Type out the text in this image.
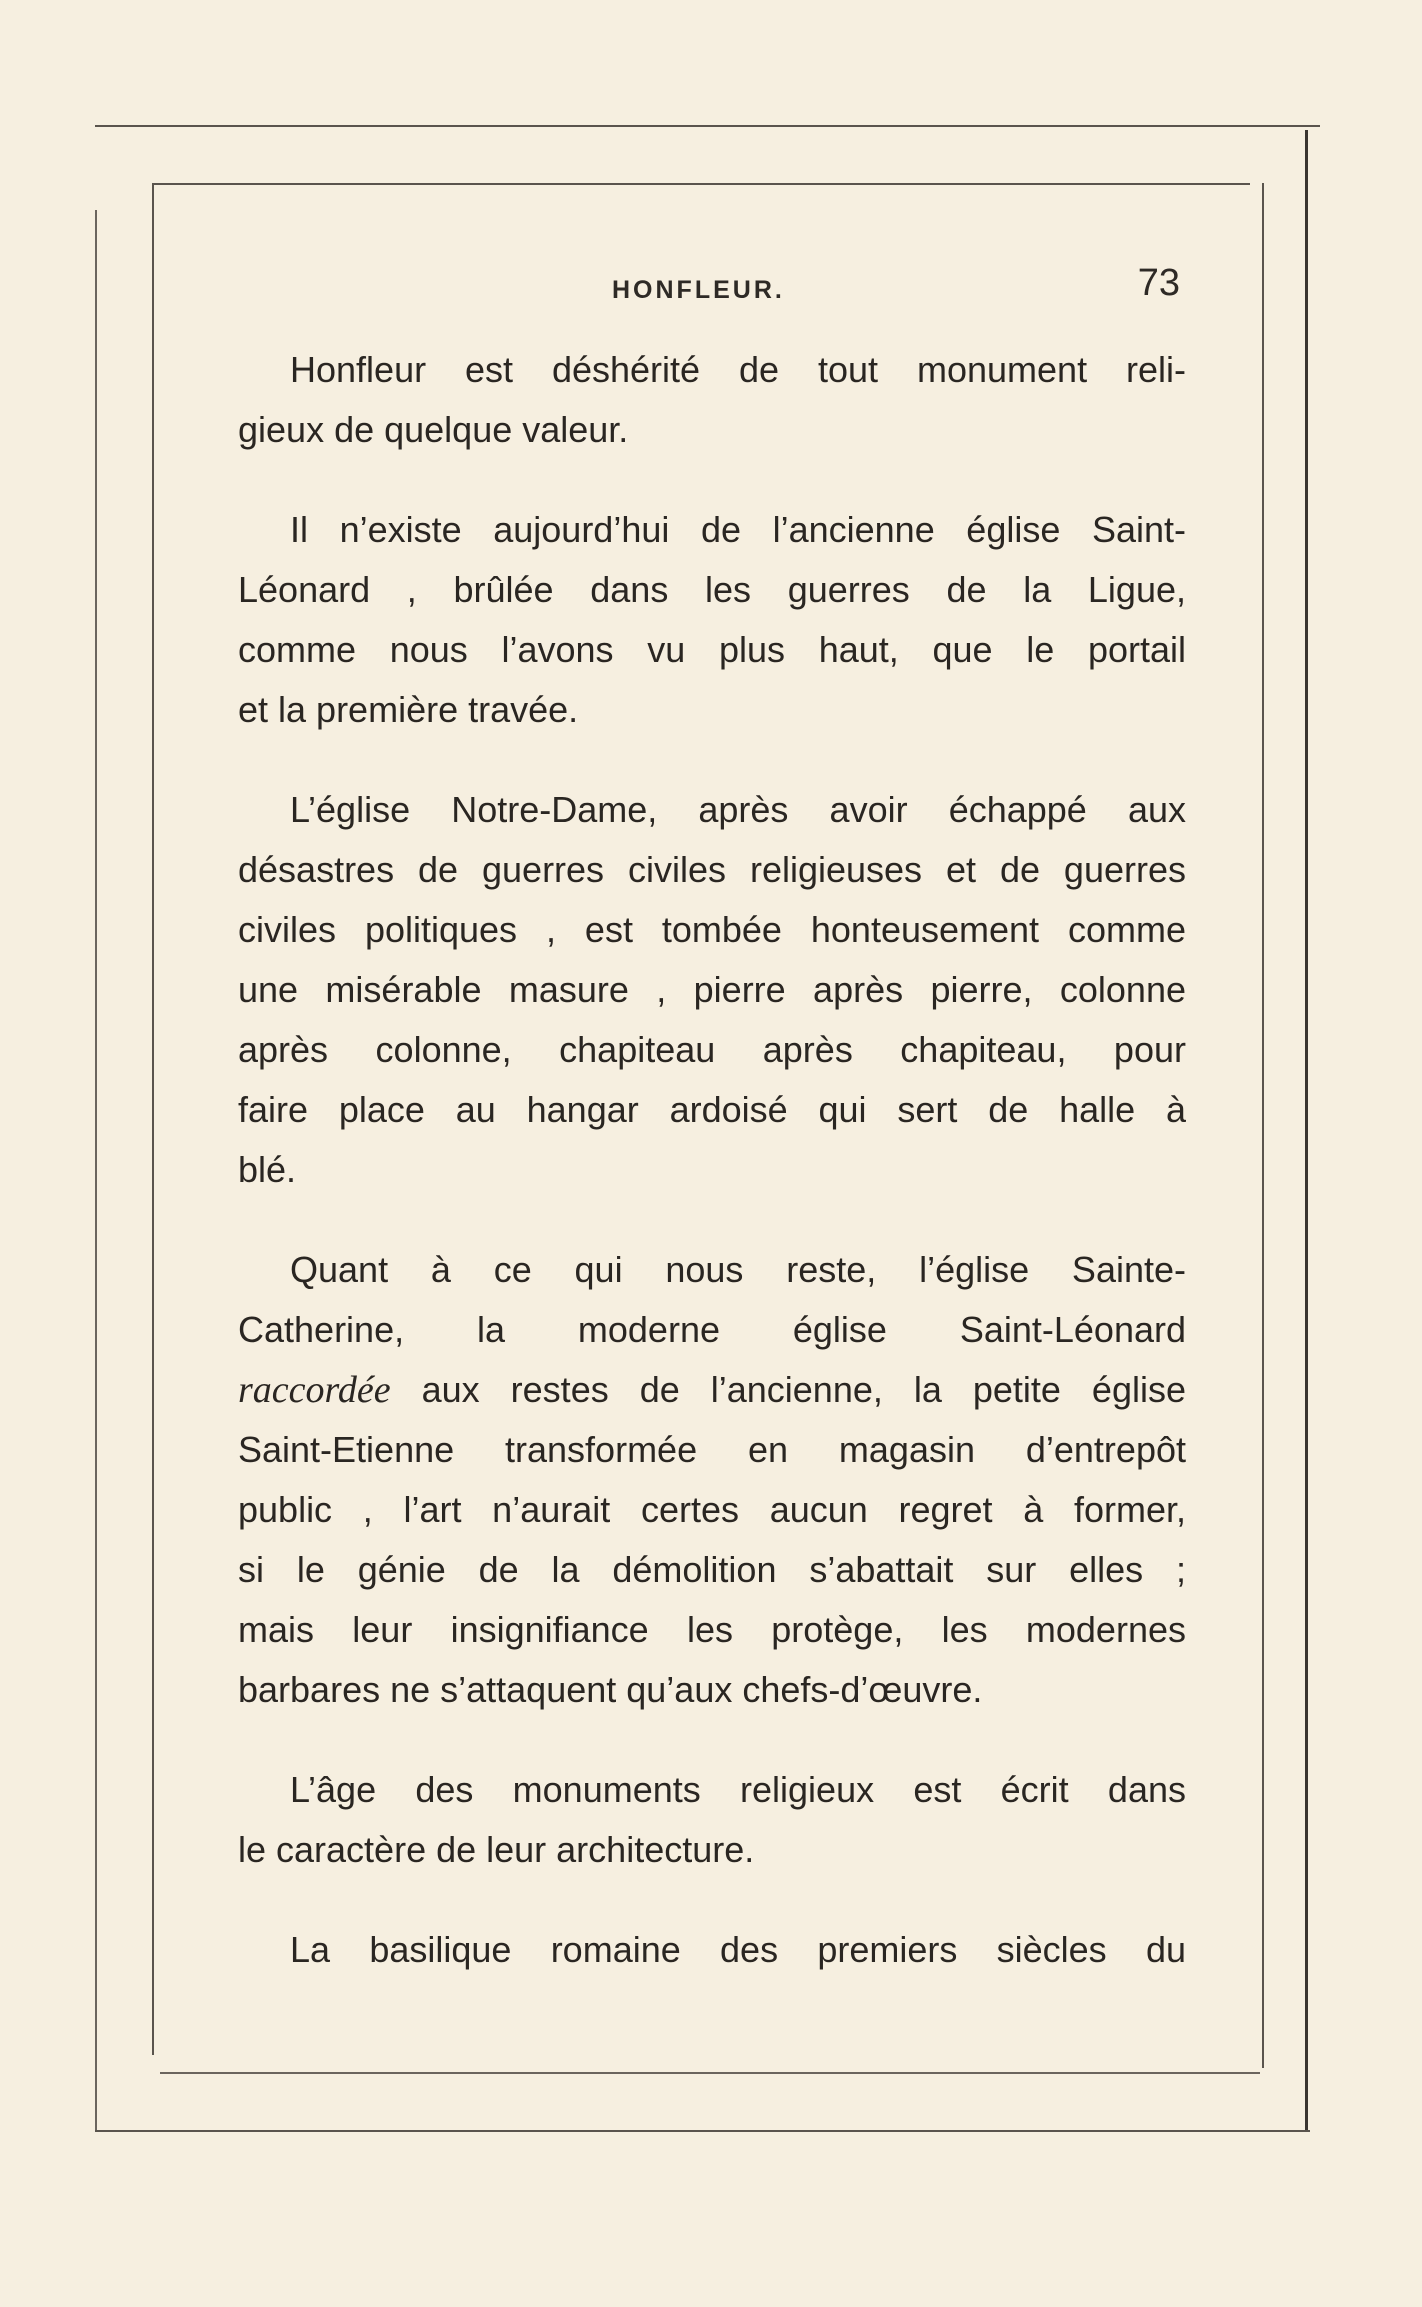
HONFLEUR.	73
Honfleur est déshérité de tout monument reli-
gieux de quelque valeur.
Il n’existe aujourd’hui de l’ancienne église Saint-
Léonard , brûlée dans les guerres de la Ligue,
comme nous l’avons vu plus haut, que le portail
et la première travée.
L’église Notre-Dame, après avoir échappé aux
désastres de guerres civiles religieuses et de guerres
civiles politiques , est tombée honteusement comme
une misérable masure , pierre après pierre, colonne
après colonne, chapiteau après chapiteau, pour
faire place au hangar ardoisé qui sert de halle à
blé.
Quant à ce qui nous reste, l’église Sainte-
Catherine, la moderne église Saint-Léonard
raccordée aux restes de l’ancienne, la petite église
Saint-Etienne transformée en magasin d’entrepôt
public , l’art n’aurait certes aucun regret à former,
si le génie de la démolition s’abattait sur elles ;
mais leur insignifiance les protège, les modernes
barbares ne s’attaquent qu’aux chefs-d’œuvre.
L’âge des monuments religieux est écrit dans
le caractère de leur architecture.
La basilique romaine des premiers siècles du
